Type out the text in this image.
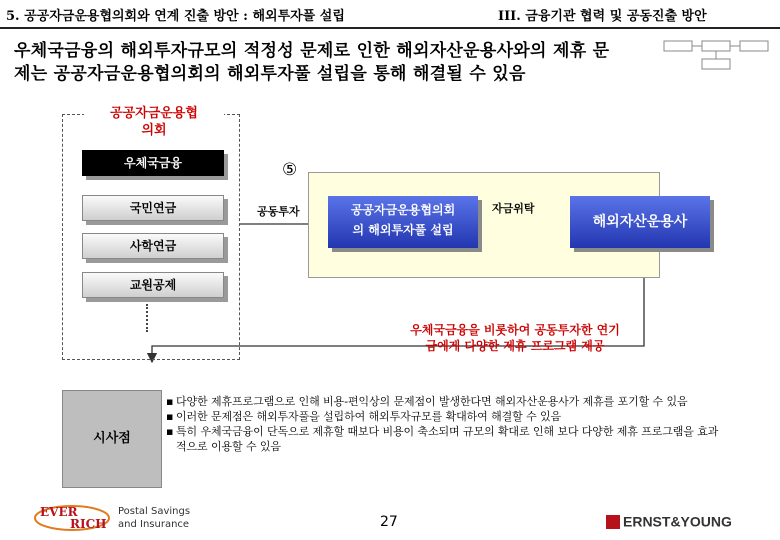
5. 공공자금운용협의회와 연계 진출 방안 : 해외투자풀 설립	III. 금융기관 협력 및 공동진출 방안
우체국금융의 해외투자규모의 적정성 문제로 인한 해외자산운용사와의 제휴 문
제는 공공자금운용협의회의 해외투자풀 설립을 통해 해결될 수 있음
공공자금운용협
의회
우체국금융
국민연금
사학연금
교원공제
⑤
공동투자	공공자금운용협의회
의 해외투자풀 설립
자금위탁
해외자산운용사
우체국금융을 비롯하여 공동투자한 연기
금에게 다양한 제휴 프로그램 제공
시사점
▪ 다양한 제휴프로그램으로 인해 비용-편익상의 문제점이 발생한다면 해외자산운용사가 제휴를 포기할 수 있음
▪ 이러한 문제점은 해외투자풀을 설립하여 해외투자규모를 확대하여 해결할 수 있음
▪ 특히 우체국금융이 단독으로 제휴할 때보다 비용이 축소되며 규모의 확대로 인해 보다 다양한 제휴 프로그램을 효과적으로 이용할 수 있음
EVER
RICH
Postal Savings
and Insurance	27	ERNST&YOUNG
